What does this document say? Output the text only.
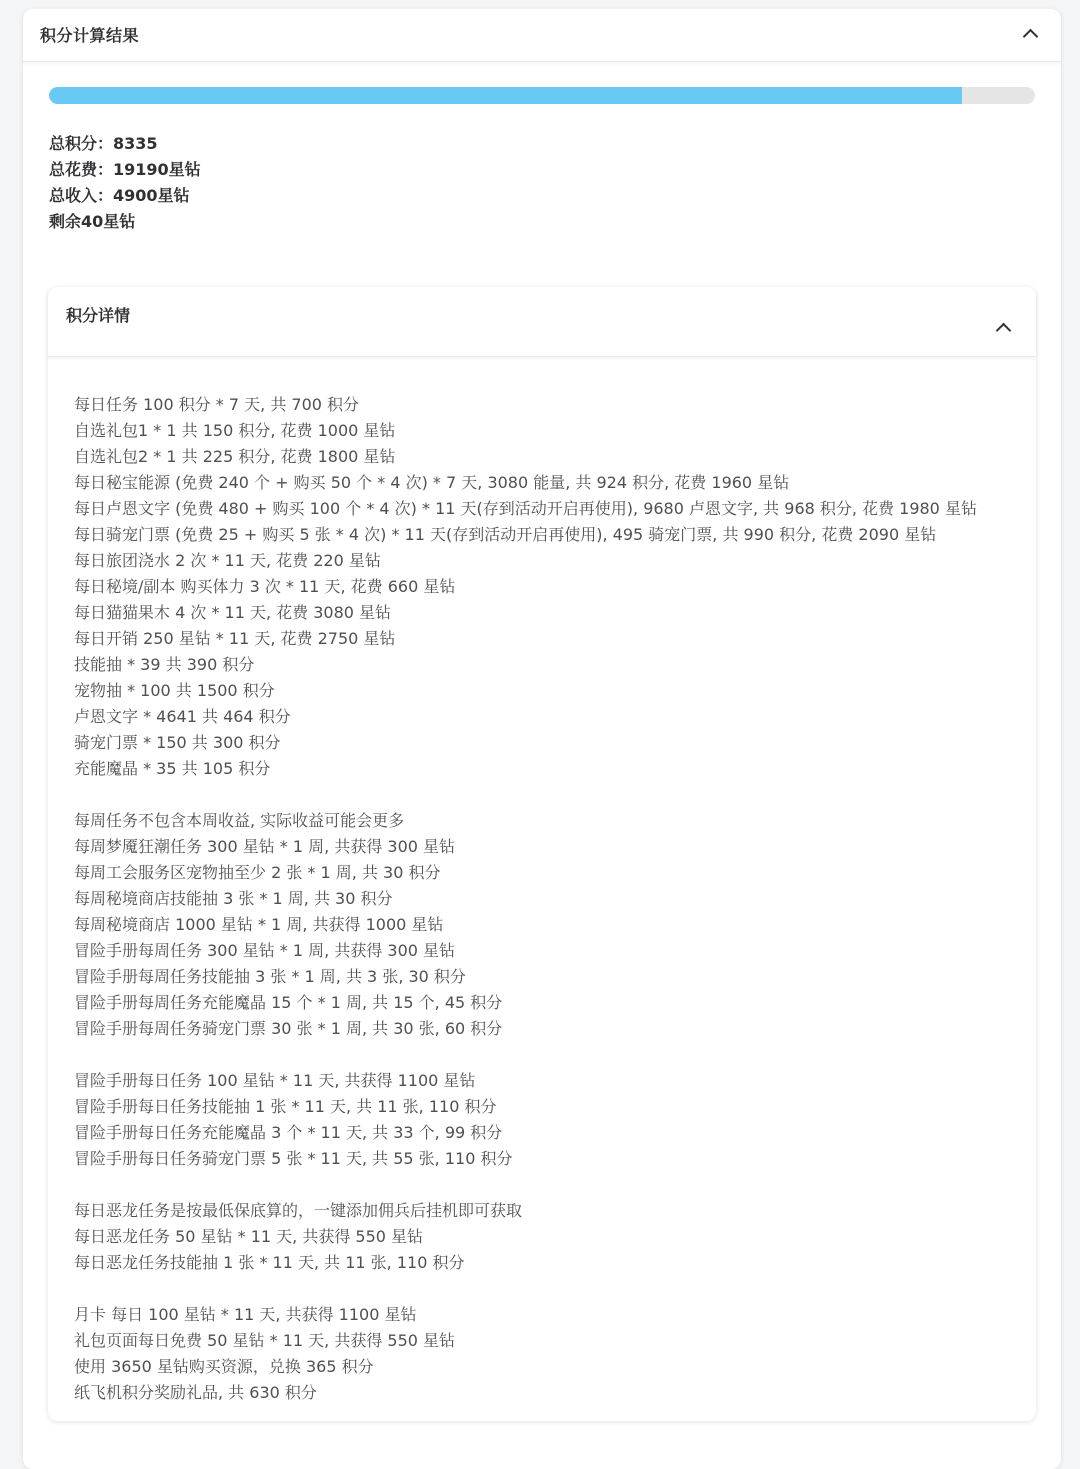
积分计算结果
总积分：8335
总花费：19190星钻
总收入：4900星钻
剩余40星钻
积分详情
每日任务 100 积分 * 7 天, 共 700 积分
自选礼包1 * 1 共 150 积分, 花费 1000 星钻
自选礼包2 * 1 共 225 积分, 花费 1800 星钻
每日秘宝能源 (免费 240 个 + 购买 50 个 * 4 次) * 7 天, 3080 能量, 共 924 积分, 花费 1960 星钻
每日卢恩文字 (免费 480 + 购买 100 个 * 4 次) * 11 天(存到活动开启再使用), 9680 卢恩文字, 共 968 积分, 花费 1980 星钻
每日骑宠门票 (免费 25 + 购买 5 张 * 4 次) * 11 天(存到活动开启再使用), 495 骑宠门票, 共 990 积分, 花费 2090 星钻
每日旅团浇水 2 次 * 11 天, 花费 220 星钻
每日秘境/副本 购买体力 3 次 * 11 天, 花费 660 星钻
每日猫猫果木 4 次 * 11 天, 花费 3080 星钻
每日开销 250 星钻 * 11 天, 花费 2750 星钻
技能抽 * 39 共 390 积分
宠物抽 * 100 共 1500 积分
卢恩文字 * 4641 共 464 积分
骑宠门票 * 150 共 300 积分
充能魔晶 * 35 共 105 积分
每周任务不包含本周收益, 实际收益可能会更多
每周梦魇狂潮任务 300 星钻 * 1 周, 共获得 300 星钻
每周工会服务区宠物抽至少 2 张 * 1 周, 共 30 积分
每周秘境商店技能抽 3 张 * 1 周, 共 30 积分
每周秘境商店 1000 星钻 * 1 周, 共获得 1000 星钻
冒险手册每周任务 300 星钻 * 1 周, 共获得 300 星钻
冒险手册每周任务技能抽 3 张 * 1 周, 共 3 张, 30 积分
冒险手册每周任务充能魔晶 15 个 * 1 周, 共 15 个, 45 积分
冒险手册每周任务骑宠门票 30 张 * 1 周, 共 30 张, 60 积分
冒险手册每日任务 100 星钻 * 11 天, 共获得 1100 星钻
冒险手册每日任务技能抽 1 张 * 11 天, 共 11 张, 110 积分
冒险手册每日任务充能魔晶 3 个 * 11 天, 共 33 个, 99 积分
冒险手册每日任务骑宠门票 5 张 * 11 天, 共 55 张, 110 积分
每日恶龙任务是按最低保底算的，一键添加佣兵后挂机即可获取
每日恶龙任务 50 星钻 * 11 天, 共获得 550 星钻
每日恶龙任务技能抽 1 张 * 11 天, 共 11 张, 110 积分
月卡 每日 100 星钻 * 11 天, 共获得 1100 星钻
礼包页面每日免费 50 星钻 * 11 天, 共获得 550 星钻
使用 3650 星钻购买资源，兑换 365 积分
纸飞机积分奖励礼品, 共 630 积分
